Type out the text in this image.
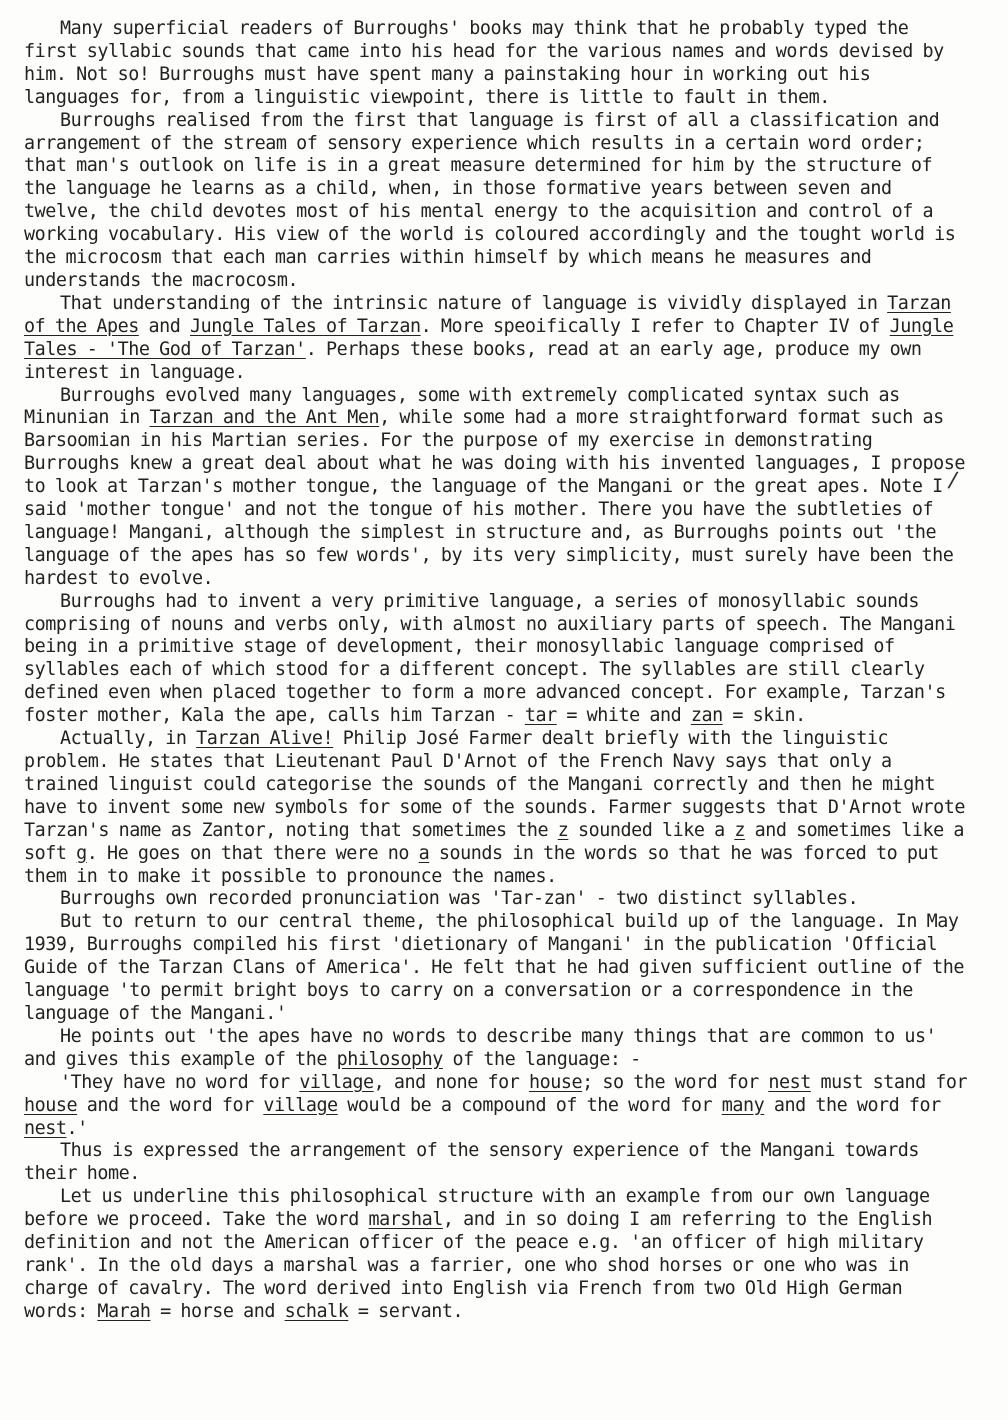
Many superficial readers of Burroughs' books may think that he probably typed the first syllabic sounds that came into his head for the various names and words devised by him. Not so! Burroughs must have spent many a painstaking hour in working out his languages for, from a linguistic viewpoint, there is little to fault in them.

Burroughs realised from the first that language is first of all a classification and arrangement of the stream of sensory experience which results in a certain word order; that man's outlook on life is in a great measure determined for him by the structure of the language he learns as a child, when, in those formative years between seven and twelve, the child devotes most of his mental energy to the acquisition and control of a working vocabulary. His view of the world is coloured accordingly and the tought world is the microcosm that each man carries within himself by which means he measures and understands the macrocosm.

That understanding of the intrinsic nature of language is vividly displayed in Tarzan of the Apes and Jungle Tales of Tarzan. More speoifically I refer to Chapter IV of Jungle Tales - 'The God of Tarzan'. Perhaps these books, read at an early age, produce my own interest in language.

Burroughs evolved many languages, some with extremely complicated syntax such as Minunian in Tarzan and the Ant Men, while some had a more straightforward format such as Barsoomian in his Martian series. For the purpose of my exercise in demonstrating Burroughs knew a great deal about what he was doing with his invented languages, I propose to look at Tarzan's mother tongue, the language of the Mangani or the great apes. Note I said 'mother tongue' and not the tongue of his mother. There you have the subtleties of language! Mangani, although the simplest in structure and, as Burroughs points out 'the language of the apes has so few words', by its very simplicity, must surely have been the hardest to evolve.

Burroughs had to invent a very primitive language, a series of monosyllabic sounds comprising of nouns and verbs only, with almost no auxiliary parts of speech. The Mangani being in a primitive stage of development, their monosyllabic language comprised of syllables each of which stood for a different concept. The syllables are still clearly defined even when placed together to form a more advanced concept. For example, Tarzan's foster mother, Kala the ape, calls him Tarzan - tar = white and zan = skin.

Actually, in Tarzan Alive! Philip José Farmer dealt briefly with the linguistic problem. He states that Lieutenant Paul D'Arnot of the French Navy says that only a trained linguist could categorise the sounds of the Mangani correctly and then he might have to invent some new symbols for some of the sounds. Farmer suggests that D'Arnot wrote Tarzan's name as Zantor, noting that sometimes the z sounded like a z and sometimes like a soft g. He goes on that there were no a sounds in the words so that he was forced to put them in to make it possible to pronounce the names.

Burroughs own recorded pronunciation was 'Tar-zan' - two distinct syllables.

But to return to our central theme, the philosophical build up of the language. In May 1939, Burroughs compiled his first 'dietionary of Mangani' in the publication 'Official Guide of the Tarzan Clans of America'. He felt that he had given sufficient outline of the language 'to permit bright boys to carry on a conversation or a correspondence in the language of the Mangani.'

He points out 'the apes have no words to describe many things that are common to us' and gives this example of the philosophy of the language: -

'They have no word for village, and none for house; so the word for nest must stand for house and the word for village would be a compound of the word for many and the word for nest.'

Thus is expressed the arrangement of the sensory experience of the Mangani towards their home.

Let us underline this philosophical structure with an example from our own language before we proceed. Take the word marshal, and in so doing I am referring to the English definition and not the American officer of the peace e.g. 'an officer of high military rank'. In the old days a marshal was a farrier, one who shod horses or one who was in charge of cavalry. The word derived into English via French from two Old High German words: Marah = horse and schalk = servant.

/
